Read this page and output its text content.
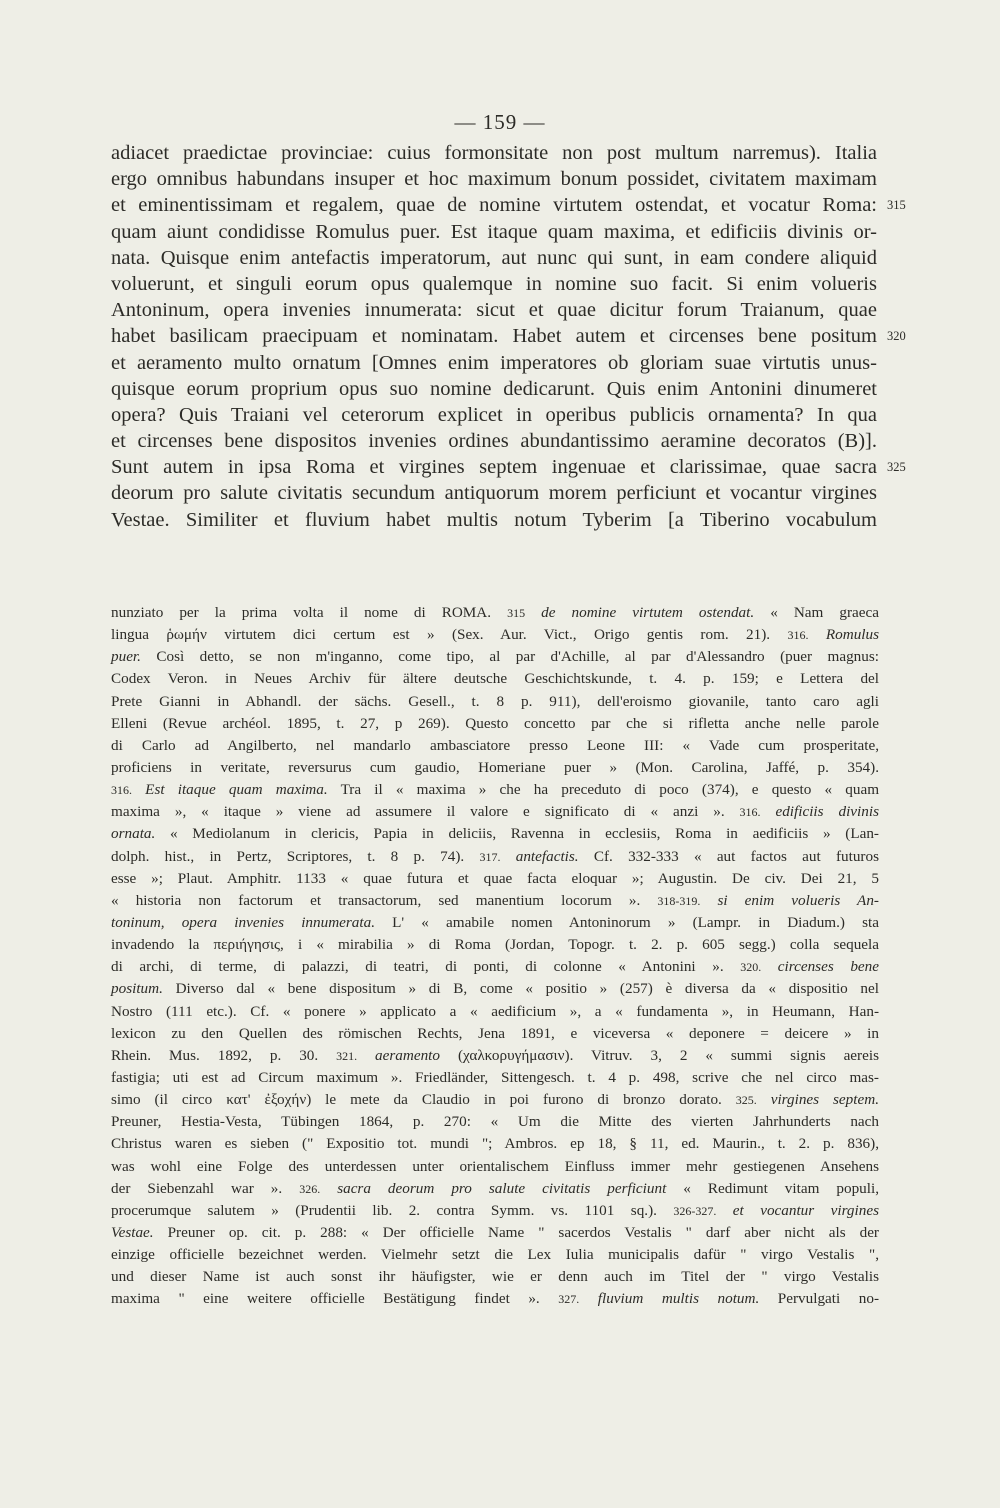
— 159 —
adiacet praedictae provinciae: cuius formonsitate non post multum narremus). Italia
ergo omnibus habundans insuper et hoc maximum bonum possidet, civitatem maximam
et eminentissimam et regalem, quae de nomine virtutem ostendat, et vocatur Roma: 315
quam aiunt condidisse Romulus puer. Est itaque quam maxima, et edificiis divinis or-
nata. Quisque enim antefactis imperatorum, aut nunc qui sunt, in eam condere aliquid
voluerunt, et singuli eorum opus qualemque in nomine suo facit. Si enim volueris
Antoninum, opera invenies innumerata: sicut et quae dicitur forum Traianum, quae
habet basilicam praecipuam et nominatam. Habet autem et circenses bene positum 320
et aeramento multo ornatum [Omnes enim imperatores ob gloriam suae virtutis unus-
quisque eorum proprium opus suo nomine dedicarunt. Quis enim Antonini dinumeret
opera? Quis Traiani vel ceterorum explicet in operibus publicis ornamenta? In qua
et circenses bene dispositos invenies ordines abundantissimo aeramine decoratos (B)].
Sunt autem in ipsa Roma et virgines septem ingenuae et clarissimae, quae sacra 325
deorum pro salute civitatis secundum antiquorum morem perficiunt et vocantur virgines
Vestae. Similiter et fluvium habet multis notum Tyberim [a Tiberino vocabulum
nunziato per la prima volta il nome di ROMA. 315 de nomine virtutem ostendat. « Nam graeca
lingua ῥωμήν virtutem dici certum est » (Sex. Aur. Vict., Origo gentis rom. 21). 316. Romulus
puer. Così detto, se non m'inganno, come tipo, al par d'Achille, al par d'Alessandro (puer magnus:
Codex Veron. in Neues Archiv für ältere deutsche Geschichtskunde, t. 4. p. 159; e Lettera del
Prete Gianni in Abhandl. der sächs. Gesell., t. 8 p. 911), dell'eroismo giovanile, tanto caro agli
Elleni (Revue archéol. 1895, t. 27, p 269). Questo concetto par che si rifletta anche nelle parole
di Carlo ad Angilberto, nel mandarlo ambasciatore presso Leone III: « Vade cum prosperitate,
proficiens in veritate, reversurus cum gaudio, Homeriane puer » (Mon. Carolina, Jaffé, p. 354).
316. Est itaque quam maxima. Tra il « maxima » che ha preceduto di poco (374), e questo « quam
maxima », « itaque » viene ad assumere il valore e significato di « anzi ». 316. edificiis divinis
ornata. « Mediolanum in clericis, Papia in deliciis, Ravenna in ecclesiis, Roma in aedificiis » (Lan-
dolph. hist., in Pertz, Scriptores, t. 8 p. 74). 317. antefactis. Cf. 332-333 « aut factos aut futuros
esse »; Plaut. Amphitr. 1133 « quae futura et quae facta eloquar »; Augustin. De civ. Dei 21, 5
« historia non factorum et transactorum, sed manentium locorum ». 318-319. si enim volueris An-
toninum, opera invenies innumerata. L' « amabile nomen Antoninorum » (Lampr. in Diadum.) sta
invadendo la περιήγησις, i « mirabilia » di Roma (Jordan, Topogr. t. 2. p. 605 segg.) colla sequela
di archi, di terme, di palazzi, di teatri, di ponti, di colonne « Antonini ». 320. circenses bene
positum. Diverso dal « bene dispositum » di B, come « positio » (257) è diversa da « dispositio nel
Nostro (111 etc.). Cf. « ponere » applicato a « aedificium », a « fundamenta », in Heumann, Han-
lexicon zu den Quellen des römischen Rechts, Jena 1891, e viceversa « deponere = deicere » in
Rhein. Mus. 1892, p. 30. 321. aeramento (χαλκορυγήμασιν). Vitruv. 3, 2 « summi signis aereis
fastigia; uti est ad Circum maximum ». Friedländer, Sittengesch. t. 4 p. 498, scrive che nel circo mas-
simo (il circo κατ' ἐξοχήν) le mete da Claudio in poi furono di bronzo dorato. 325. virgines septem.
Preuner, Hestia-Vesta, Tübingen 1864, p. 270: « Um die Mitte des vierten Jahrhunderts nach
Christus waren es sieben (" Expositio tot. mundi "; Ambros. ep 18, § 11, ed. Maurin., t. 2. p. 836),
was wohl eine Folge des unterdessen unter orientalischem Einfluss immer mehr gestiegenen Ansehens
der Siebenzahl war ». 326. sacra deorum pro salute civitatis perficiunt « Redimunt vitam populi,
procerumque salutem » (Prudentii lib. 2. contra Symm. vs. 1101 sq.). 326-327. et vocantur virgines
Vestae. Preuner op. cit. p. 288: « Der officielle Name " sacerdos Vestalis " darf aber nicht als der
einzige officielle bezeichnet werden. Vielmehr setzt die Lex Iulia municipalis dafür " virgo Vestalis ",
und dieser Name ist auch sonst ihr häufigster, wie er denn auch im Titel der " virgo Vestalis
maxima " eine weitere officielle Bestätigung findet ». 327. fluvium multis notum. Pervulgati no-
